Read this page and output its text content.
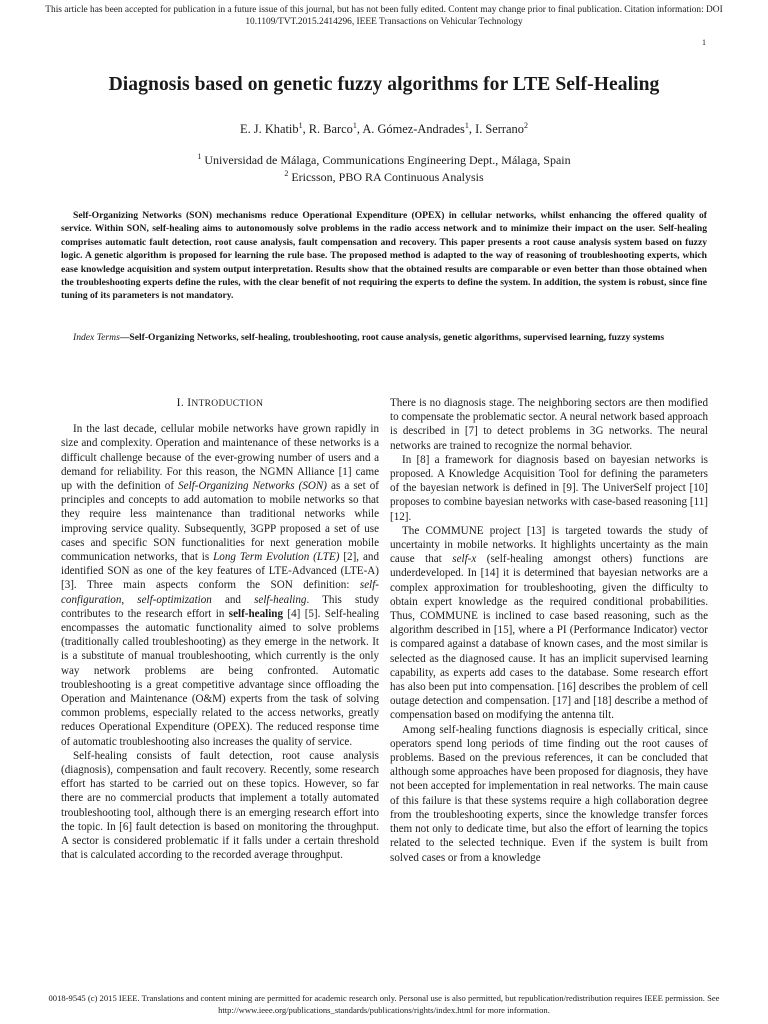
This article has been accepted for publication in a future issue of this journal, but has not been fully edited. Content may change prior to final publication. Citation information: DOI 10.1109/TVT.2015.2414296, IEEE Transactions on Vehicular Technology
1
Diagnosis based on genetic fuzzy algorithms for LTE Self-Healing
E. J. Khatib$^1$, R. Barco$^1$, A. Gómez-Andrades$^1$, I. Serrano$^2$
$^1$ Universidad de Málaga, Communications Engineering Dept., Málaga, Spain
$^2$ Ericsson, PBO RA Continuous Analysis
Self-Organizing Networks (SON) mechanisms reduce Operational Expenditure (OPEX) in cellular networks, whilst enhancing the offered quality of service. Within SON, self-healing aims to autonomously solve problems in the radio access network and to minimize their impact on the user. Self-healing comprises automatic fault detection, root cause analysis, fault compensation and recovery. This paper presents a root cause analysis system based on fuzzy logic. A genetic algorithm is proposed for learning the rule base. The proposed method is adapted to the way of reasoning of troubleshooting experts, which ease knowledge acquisition and system output interpretation. Results show that the obtained results are comparable or even better than those obtained when the troubleshooting experts define the rules, with the clear benefit of not requiring the experts to define the system. In addition, the system is robust, since fine tuning of its parameters is not mandatory.
Index Terms—Self-Organizing Networks, self-healing, troubleshooting, root cause analysis, genetic algorithms, supervised learning, fuzzy systems
I. INTRODUCTION

In the last decade, cellular mobile networks have grown rapidly in size and complexity. Operation and maintenance of these networks is a difficult challenge because of the ever-growing number of users and a demand for reliability. For this reason, the NGMN Alliance [1] came up with the definition of Self-Organizing Networks (SON) as a set of principles and concepts to add automation to mobile networks so that they require less maintenance than traditional networks while improving service quality. Subsequently, 3GPP proposed a set of use cases and specific SON functionalities for next generation mobile communication networks, that is Long Term Evolution (LTE) [2], and identified SON as one of the key features of LTE-Advanced (LTE-A) [3]. Three main aspects conform the SON definition: self-configuration, self-optimization and self-healing. This study contributes to the research effort in self-healing [4] [5]. Self-healing encompasses the automatic functionality aimed to solve problems (traditionally called troubleshooting) as they emerge in the network. It is a substitute of manual troubleshooting, which currently is the only way network problems are being confronted. Automatic troubleshooting is a great competitive advantage since offloading the Operation and Maintenance (O&M) experts from the task of solving common problems, especially related to the access networks, greatly reduces Operational Expenditure (OPEX). The reduced response time of automatic troubleshooting also increases the quality of service.

Self-healing consists of fault detection, root cause analysis (diagnosis), compensation and fault recovery. Recently, some research effort has started to be carried out on these topics. However, so far there are no commercial products that implement a totally automated troubleshooting tool, although there is an emerging research effort into the topic. In [6] fault detection is based on monitoring the throughput. A sector is considered problematic if it falls under a certain threshold that is calculated according to the recorded average throughput.

There is no diagnosis stage. The neighboring sectors are then modified to compensate the problematic sector. A neural network based approach is described in [7] to detect problems in 3G networks. The neural networks are trained to recognize the normal behavior.

In [8] a framework for diagnosis based on bayesian networks is proposed. A Knowledge Acquisition Tool for defining the parameters of the bayesian network is defined in [9]. The UniverSelf project [10] proposes to combine bayesian networks with case-based reasoning [11] [12].

The COMMUNE project [13] is targeted towards the study of uncertainty in mobile networks. It highlights uncertainty as the main cause that self-x (self-healing amongst others) functions are underdeveloped. In [14] it is determined that bayesian networks are a complex approximation for troubleshooting, given the difficulty to obtain expert knowledge as the required conditional probabilities. Thus, COMMUNE is inclined to case based reasoning, such as the algorithm described in [15], where a PI (Performance Indicator) vector is compared against a database of known cases, and the most similar is selected as the diagnosed cause. It has an implicit supervised learning capability, as experts add cases to the database. Some research effort has also been put into compensation. [16] describes the problem of cell outage detection and compensation. [17] and [18] describe a method of compensation based on modifying the antenna tilt.

Among self-healing functions diagnosis is especially critical, since operators spend long periods of time finding out the root causes of problems. Based on the previous references, it can be concluded that although some approaches have been proposed for diagnosis, they have not been accepted for implementation in real networks. The main cause of this failure is that these systems require a high collaboration degree from the troubleshooting experts, since the knowledge transfer forces them not only to dedicate time, but also the effort of learning the topics related to the selected technique. Even if the system is built from solved cases or from a knowledge

0018-9545 (c) 2015 IEEE. Translations and content mining are permitted for academic research only. Personal use is also permitted, but republication/redistribution requires IEEE permission. See http://www.ieee.org/publications_standards/publications/rights/index.html for more information.
